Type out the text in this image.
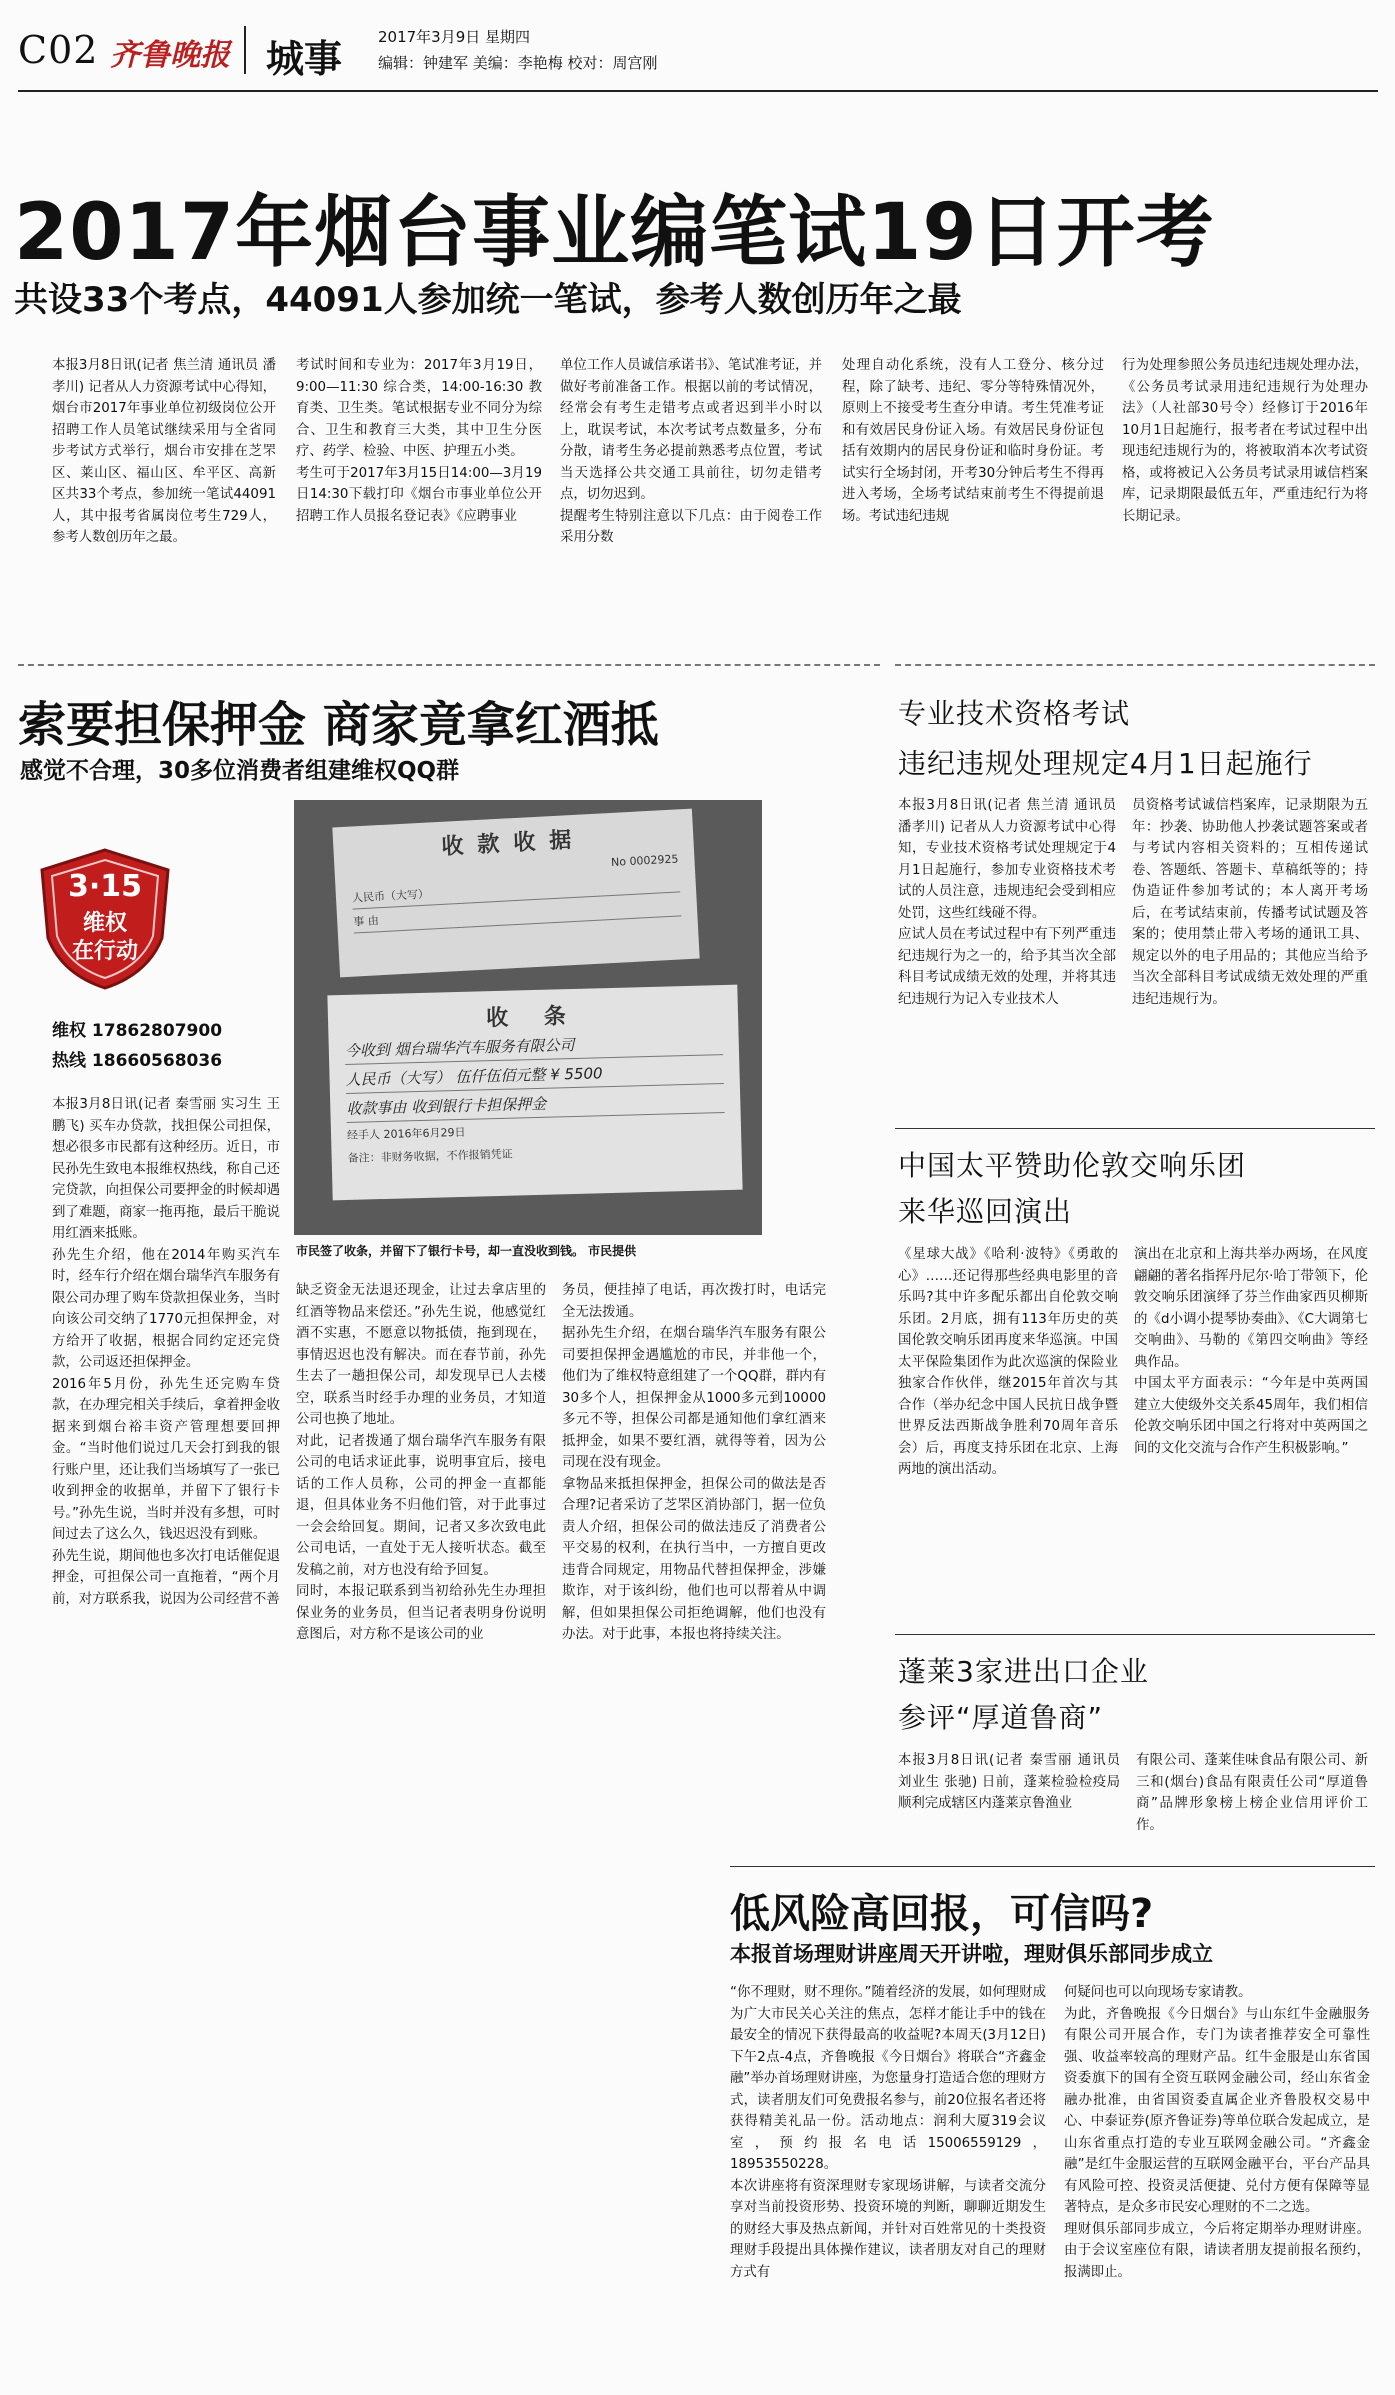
C02 齐鲁晚报 城事 2017年3月9日 星期四
编辑：钟建军 美编：李艳梅 校对：周宫刚
2017年烟台事业编笔试19日开考
共设33个考点，44091人参加统一笔试，参考人数创历年之最
本报3月8日讯(记者 焦兰清 通讯员 潘孝川) 记者从人力资源考试中心得知，烟台市2017年事业单位初级岗位公开招聘工作人员笔试继续采用与全省同步考试方式举行，烟台市安排在芝罘区、莱山区、福山区、牟平区、高新区共33个考点，参加统一笔试44091人，其中报考省属岗位考生729人，参考人数创历年之最。
考试时间和专业为：2017年3月19日，9:00—11:30 综合类，14:00-16:30 教育类、卫生类。笔试根据专业不同分为综合、卫生和教育三大类，其中卫生分医疗、药学、检验、中医、护理五小类。
考生可于2017年3月15日14:00—3月19日14:30下载打印《烟台市事业单位公开招聘工作人员报名登记表》《应聘事业
单位工作人员诚信承诺书》、笔试准考证，并做好考前准备工作。根据以前的考试情况，经常会有考生走错考点或者迟到半小时以上，耽误考试，本次考试考点数量多，分布分散，请考生务必提前熟悉考点位置，考试当天选择公共交通工具前往，切勿走错考点，切勿迟到。
提醒考生特别注意以下几点：由于阅卷工作采用分数
处理自动化系统，没有人工登分、核分过程，除了缺考、违纪、零分等特殊情况外，原则上不接受考生查分申请。考生凭准考证和有效居民身份证入场。有效居民身份证包括有效期内的居民身份证和临时身份证。考试实行全场封闭，开考30分钟后考生不得再进入考场，全场考试结束前考生不得提前退场。考试违纪违规
行为处理参照公务员违纪违规处理办法，《公务员考试录用违纪违规行为处理办法》（人社部30号令）经修订于2016年10月1日起施行，报考者在考试过程中出现违纪违规行为的，将被取消本次考试资格，或将被记入公务员考试录用诚信档案库，记录期限最低五年，严重违纪行为将长期记录。
索要担保押金 商家竟拿红酒抵
感觉不合理，30多位消费者组建维权QQ群
3·15
维权
在行动
维权 17862807900
热线 18660568036
收款收据
No 0002925
人民币（大写）
事 由
收 条
今收到 烟台瑞华汽车服务有限公司
人民币（大写） 伍仟伍佰元整 ¥ 5500
收款事由 收到银行卡担保押金
经手人 2016年6月29日
备注：非财务收据，不作报销凭证
市民签了收条，并留下了银行卡号，却一直没收到钱。 市民提供
本报3月8日讯(记者 秦雪丽 实习生 王鹏飞) 买车办贷款，找担保公司担保，想必很多市民都有这种经历。近日，市民孙先生致电本报维权热线，称自己还完贷款，向担保公司要押金的时候却遇到了难题，商家一拖再拖，最后干脆说用红酒来抵账。
孙先生介绍，他在2014年购买汽车时，经车行介绍在烟台瑞华汽车服务有限公司办理了购车贷款担保业务，当时向该公司交纳了1770元担保押金，对方给开了收据，根据合同约定还完贷款，公司返还担保押金。
2016年5月份，孙先生还完购车贷款，在办理完相关手续后，拿着押金收据来到烟台裕丰资产管理想要回押金。“当时他们说过几天会打到我的银行账户里，还让我们当场填写了一张已收到押金的收据单，并留下了银行卡号。”孙先生说，当时并没有多想，可时间过去了这么久，钱迟迟没有到账。
孙先生说，期间他也多次打电话催促退押金，可担保公司一直拖着，“两个月前，对方联系我，说因为公司经营不善
缺乏资金无法退还现金，让过去拿店里的红酒等物品来偿还。”孙先生说，他感觉红酒不实惠，不愿意以物抵债，拖到现在，事情迟迟也没有解决。而在春节前，孙先生去了一趟担保公司，却发现早已人去楼空，联系当时经手办理的业务员，才知道公司也换了地址。
对此，记者拨通了烟台瑞华汽车服务有限公司的电话求证此事，说明事宜后，接电话的工作人员称，公司的押金一直都能退，但具体业务不归他们管，对于此事过一会会给回复。期间，记者又多次致电此公司电话，一直处于无人接听状态。截至发稿之前，对方也没有给予回复。
同时，本报记联系到当初给孙先生办理担保业务的业务员，但当记者表明身份说明意图后，对方称不是该公司的业
务员，便挂掉了电话，再次拨打时，电话完全无法拨通。
据孙先生介绍，在烟台瑞华汽车服务有限公司要担保押金遇尴尬的市民，并非他一个，他们为了维权特意组建了一个QQ群，群内有30多个人，担保押金从1000多元到10000多元不等，担保公司都是通知他们拿红酒来抵押金，如果不要红酒，就得等着，因为公司现在没有现金。
拿物品来抵担保押金，担保公司的做法是否合理?记者采访了芝罘区消协部门，据一位负责人介绍，担保公司的做法违反了消费者公平交易的权利，在执行当中，一方擅自更改违背合同规定，用物品代替担保押金，涉嫌欺诈，对于该纠纷，他们也可以帮着从中调解，但如果担保公司拒绝调解，他们也没有办法。对于此事，本报也将持续关注。
专业技术资格考试
违纪违规处理规定4月1日起施行
本报3月8日讯(记者 焦兰清 通讯员 潘孝川) 记者从人力资源考试中心得知，专业技术资格考试处理规定于4月1日起施行，参加专业资格技术考试的人员注意，违规违纪会受到相应处罚，这些红线碰不得。
应试人员在考试过程中有下列严重违纪违规行为之一的，给予其当次全部科目考试成绩无效的处理，并将其违纪违规行为记入专业技术人
员资格考试诚信档案库，记录期限为五年：抄袭、协助他人抄袭试题答案或者与考试内容相关资料的；互相传递试卷、答题纸、答题卡、草稿纸等的；持伪造证件参加考试的；本人离开考场后，在考试结束前，传播考试试题及答案的；使用禁止带入考场的通讯工具、规定以外的电子用品的；其他应当给予当次全部科目考试成绩无效处理的严重违纪违规行为。
中国太平赞助伦敦交响乐团
来华巡回演出
《星球大战》《哈利·波特》《勇敢的心》……还记得那些经典电影里的音乐吗?其中许多配乐都出自伦敦交响乐团。2月底，拥有113年历史的英国伦敦交响乐团再度来华巡演。中国太平保险集团作为此次巡演的保险业独家合作伙伴，继2015年首次与其合作（举办纪念中国人民抗日战争暨世界反法西斯战争胜利70周年音乐会）后，再度支持乐团在北京、上海两地的演出活动。
演出在北京和上海共举办两场，在风度翩翩的著名指挥丹尼尔·哈丁带领下，伦敦交响乐团演绎了芬兰作曲家西贝柳斯的《d小调小提琴协奏曲》、《C大调第七交响曲》、马勒的《第四交响曲》等经典作品。
中国太平方面表示：“今年是中英两国建立大使级外交关系45周年，我们相信伦敦交响乐团中国之行将对中英两国之间的文化交流与合作产生积极影响。”
蓬莱3家进出口企业
参评“厚道鲁商”
本报3月8日讯(记者 秦雪丽 通讯员 刘业生 张驰) 日前，蓬莱检验检疫局顺利完成辖区内蓬莱京鲁渔业
有限公司、蓬莱佳味食品有限公司、新三和(烟台)食品有限责任公司“厚道鲁商”品牌形象榜上榜企业信用评价工作。
低风险高回报，可信吗?
本报首场理财讲座周天开讲啦，理财俱乐部同步成立
“你不理财，财不理你。”随着经济的发展，如何理财成为广大市民关心关注的焦点，怎样才能让手中的钱在最安全的情况下获得最高的收益呢?本周天(3月12日)下午2点-4点，齐鲁晚报《今日烟台》将联合“齐鑫金融”举办首场理财讲座，为您量身打造适合您的理财方式，读者朋友们可免费报名参与，前20位报名者还将获得精美礼品一份。活动地点：润利大厦319会议室，预约报名电话15006559129，18953550228。
本次讲座将有资深理财专家现场讲解，与读者交流分享对当前投资形势、投资环境的判断，聊聊近期发生的财经大事及热点新闻，并针对百姓常见的十类投资理财手段提出具体操作建议，读者朋友对自己的理财方式有
何疑问也可以向现场专家请教。
为此，齐鲁晚报《今日烟台》与山东红牛金融服务有限公司开展合作，专门为读者推荐安全可靠性强、收益率较高的理财产品。红牛金服是山东省国资委旗下的国有全资互联网金融公司，经山东省金融办批准，由省国资委直属企业齐鲁股权交易中心、中泰证券(原齐鲁证券)等单位联合发起成立，是山东省重点打造的专业互联网金融公司。“齐鑫金融”是红牛金服运营的互联网金融平台，平台产品具有风险可控、投资灵活便捷、兑付方便有保障等显著特点，是众多市民安心理财的不二之选。
理财俱乐部同步成立，今后将定期举办理财讲座。由于会议室座位有限，请读者朋友提前报名预约，报满即止。
